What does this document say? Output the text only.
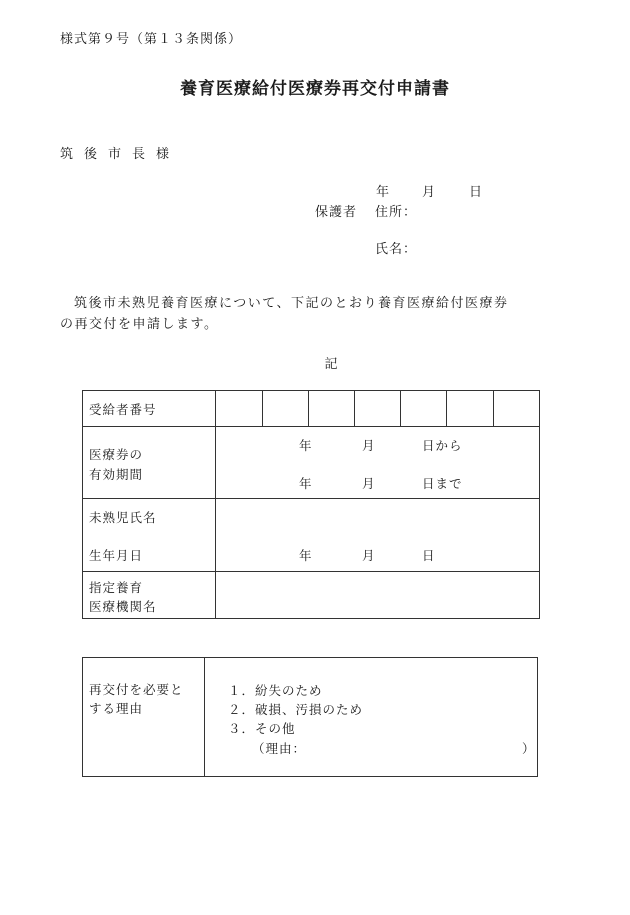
様式第９号（第１３条関係）
養育医療給付医療券再交付申請書
筑後市長様
年	月	日
保護者 住所：
氏名：
筑後市未熟児養育医療について、下記のとおり養育医療給付医療券
の再交付を申請します。
記
受給者番号
医療券の
有効期間
年	月	日から
年	月	日まで
未熟児氏名
生年月日	年	月	日
指定養育
医療機関名
再交付を必要と
する理由
１．紛失のため
２．破損、汚損のため
３．その他
（理由：	）
